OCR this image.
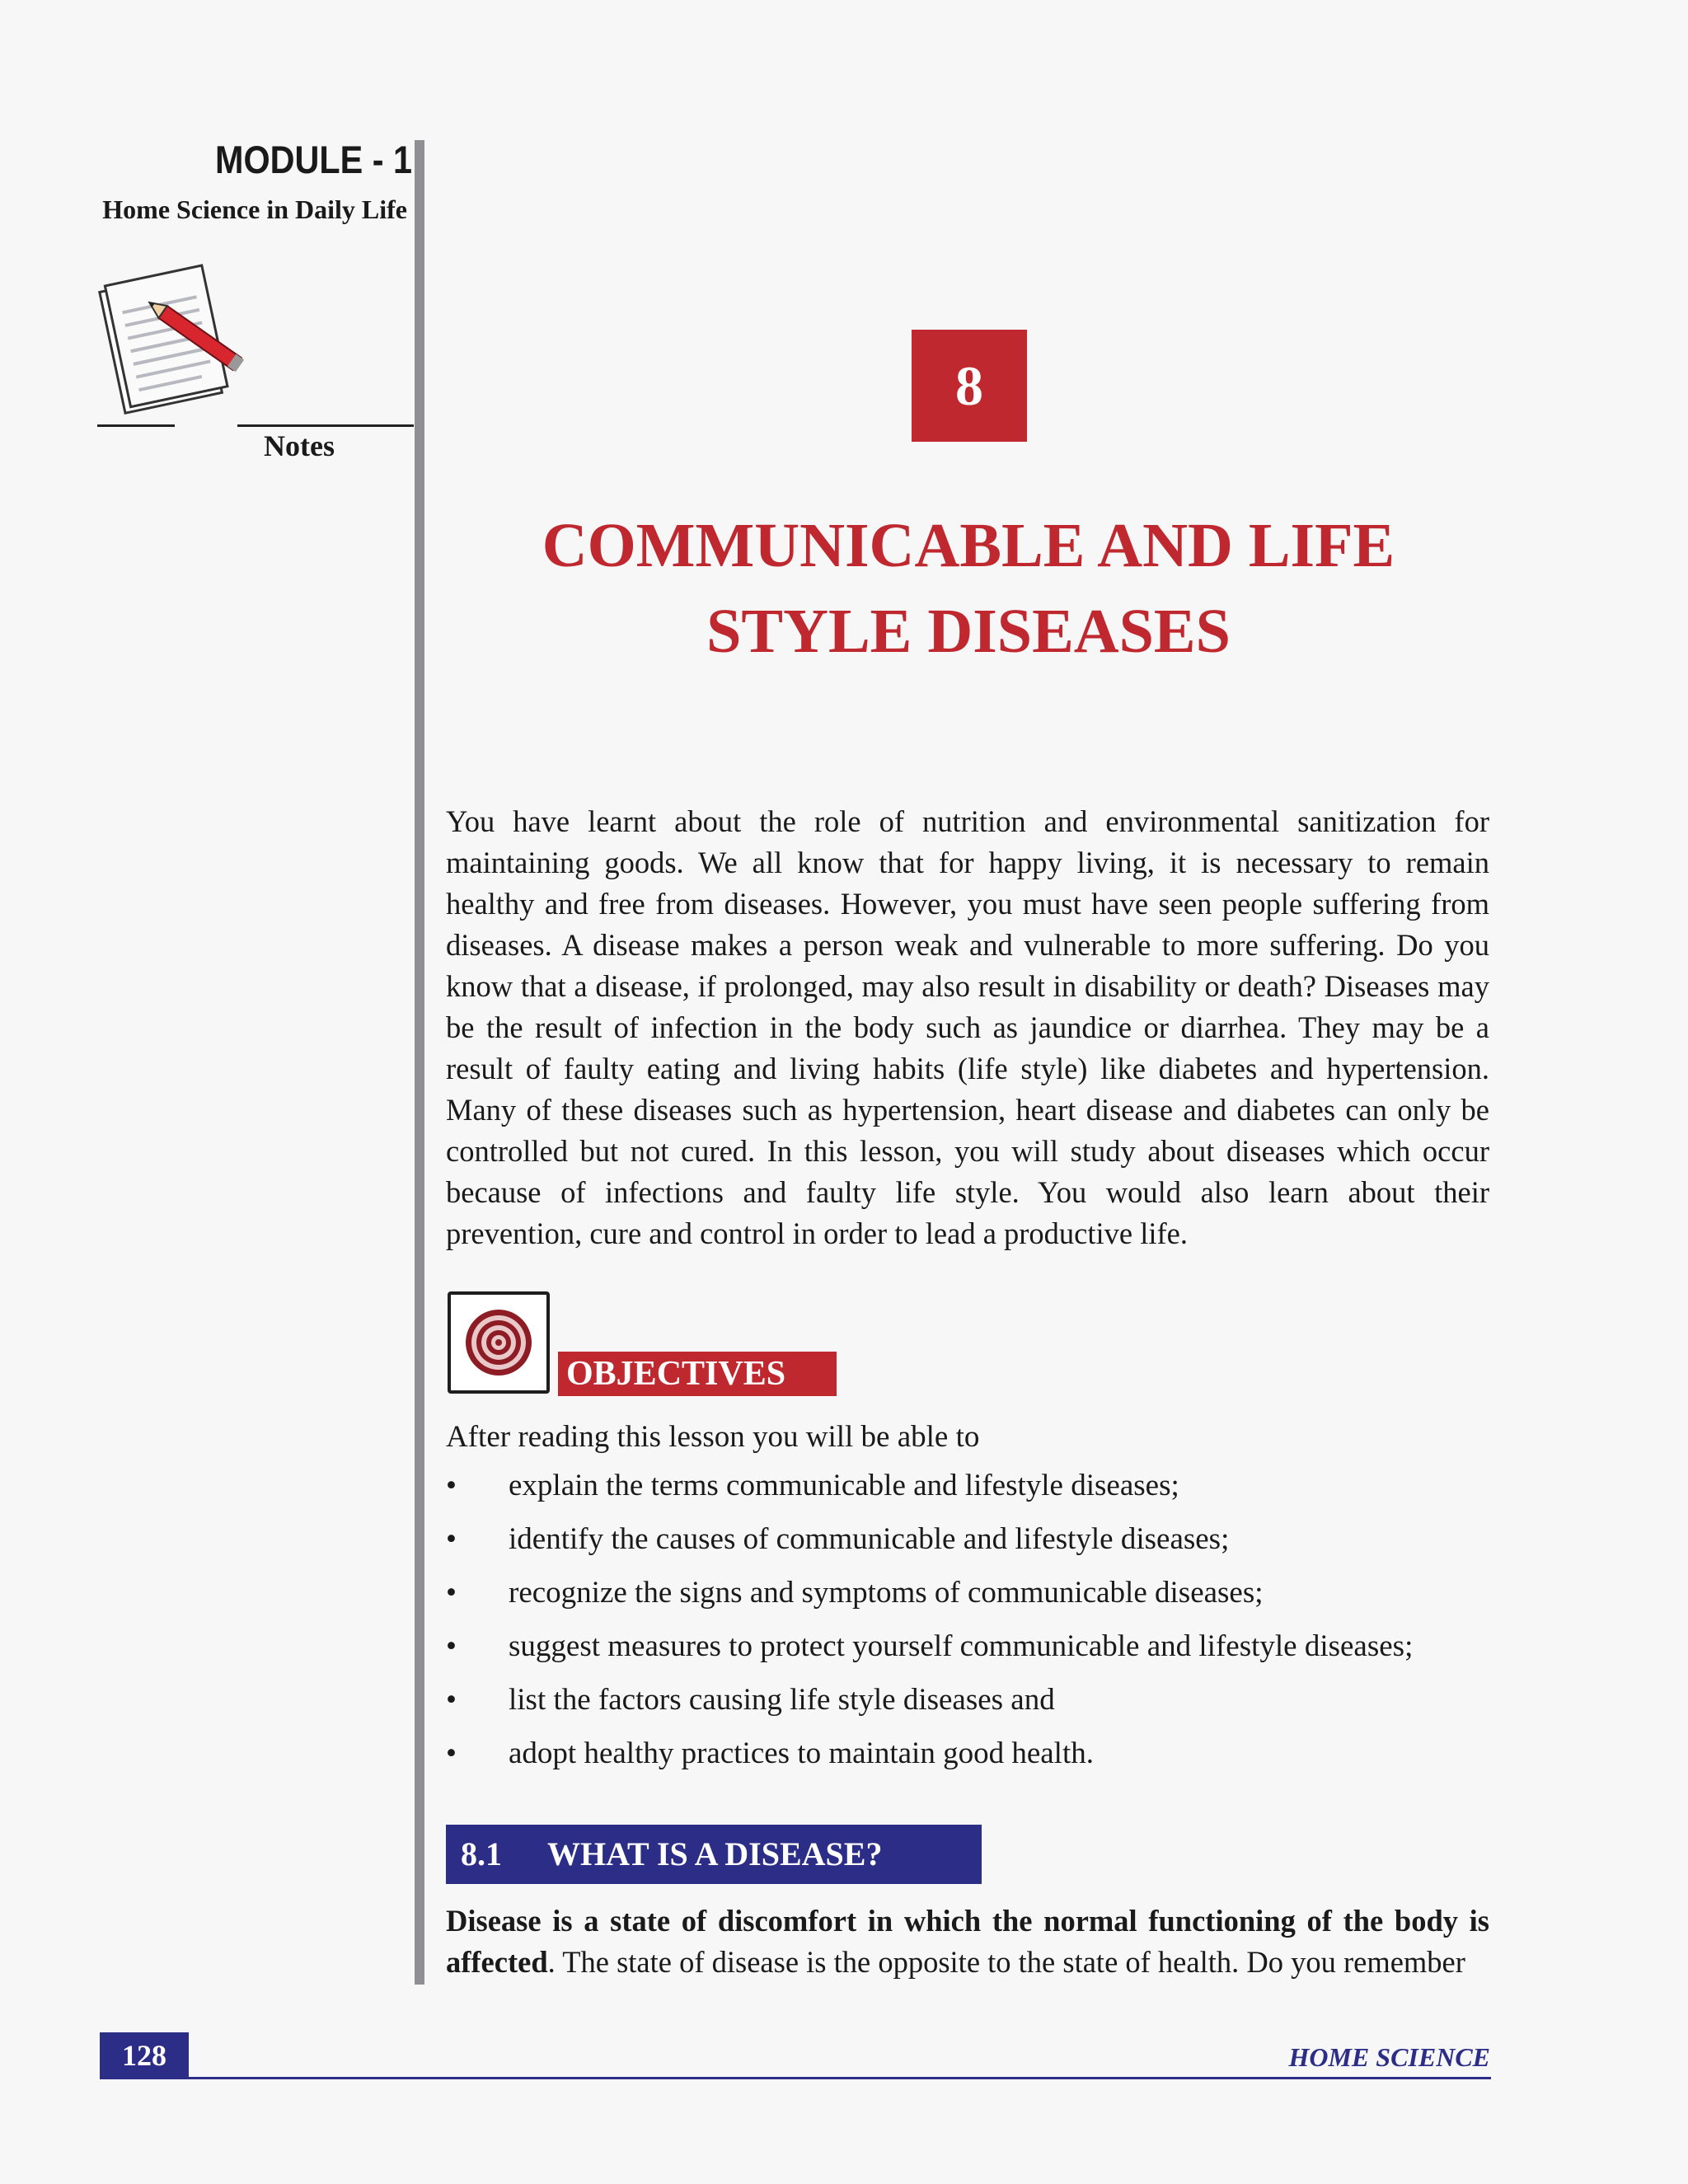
MODULE - 1
Home Science in Daily Life
Notes
8
COMMUNICABLE AND LIFE STYLE DISEASES
You have learnt about the role of nutrition and environmental sanitization for maintaining goods. We all know that for happy living, it is necessary to remain healthy and free from diseases. However, you must have seen people suffering from diseases. A disease makes a person weak and vulnerable to more suffering. Do you know that a disease, if prolonged, may also result in disability or death? Diseases may be the result of infection in the body such as jaundice or diarrhea. They may be a result of faulty eating and living habits (life style) like diabetes and hypertension. Many of these diseases such as hypertension, heart disease and diabetes can only be controlled but not cured. In this lesson, you will study about diseases which occur because of infections and faulty life style. You would also learn about their prevention, cure and control in order to lead a productive life.
OBJECTIVES
After reading this lesson you will be able to
• explain the terms communicable and lifestyle diseases;
• identify the causes of communicable and lifestyle diseases;
• recognize the signs and symptoms of communicable diseases;
• suggest measures to protect yourself communicable and lifestyle diseases;
• list the factors causing life style diseases and
• adopt healthy practices to maintain good health.
8.1 WHAT IS A DISEASE?
Disease is a state of discomfort in which the normal functioning of the body is affected. The state of disease is the opposite to the state of health. Do you remember
128	HOME SCIENCE
